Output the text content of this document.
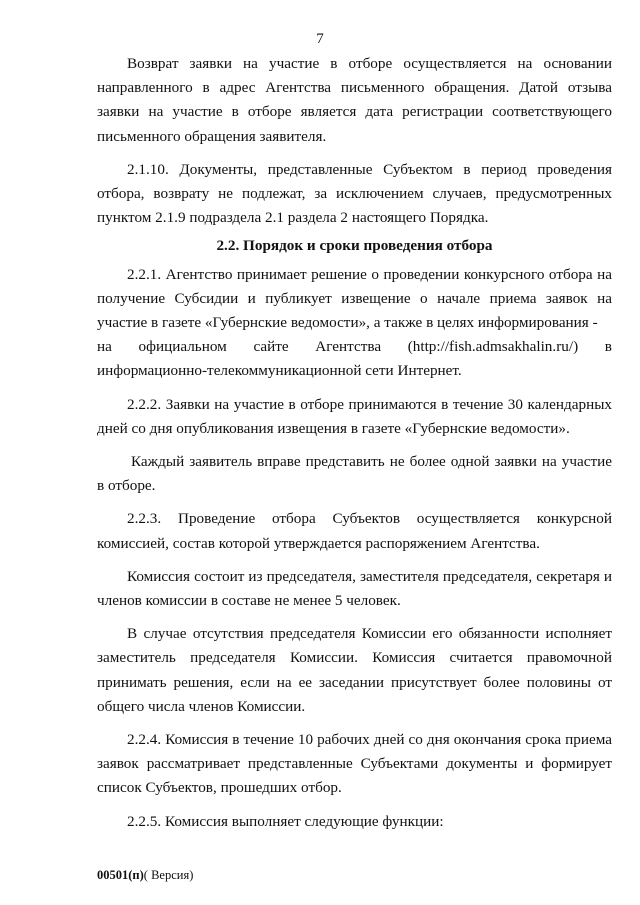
7

Возврат заявки на участие в отборе осуществляется на основании направленного в адрес Агентства письменного обращения. Датой отзыва заявки на участие в отборе является дата регистрации соответствующего письменного обращения заявителя.

2.1.10. Документы, представленные Субъектом в период проведения отбора, возврату не подлежат, за исключением случаев, предусмотренных пунктом 2.1.9 подраздела 2.1 раздела 2 настоящего Порядка.

2.2. Порядок и сроки проведения отбора

2.2.1. Агентство принимает решение о проведении конкурсного отбора на получение Субсидии и публикует извещение о начале приема заявок на участие в газете «Губернские ведомости», а также в целях информирования -

на официальном сайте Агентства (http://fish.admsakhalin.ru/) в

информационно-телекоммуникационной сети Интернет.

2.2.2. Заявки на участие в отборе принимаются в течение 30 календарных дней со дня опубликования извещения в газете «Губернские ведомости».

Каждый заявитель вправе представить не более одной заявки на участие в отборе.

2.2.3. Проведение отбора Субъектов осуществляется конкурсной комиссией, состав которой утверждается распоряжением Агентства.

Комиссия состоит из председателя, заместителя председателя, секретаря и членов комиссии в составе не менее 5 человек.

В случае отсутствия председателя Комиссии его обязанности исполняет заместитель председателя Комиссии. Комиссия считается правомочной принимать решения, если на ее заседании присутствует более половины от общего числа членов Комиссии.

2.2.4. Комиссия в течение 10 рабочих дней со дня окончания срока приема заявок рассматривает представленные Субъектами документы и формирует список Субъектов, прошедших отбор.

2.2.5. Комиссия выполняет следующие функции:

00501(п)( Версия)
